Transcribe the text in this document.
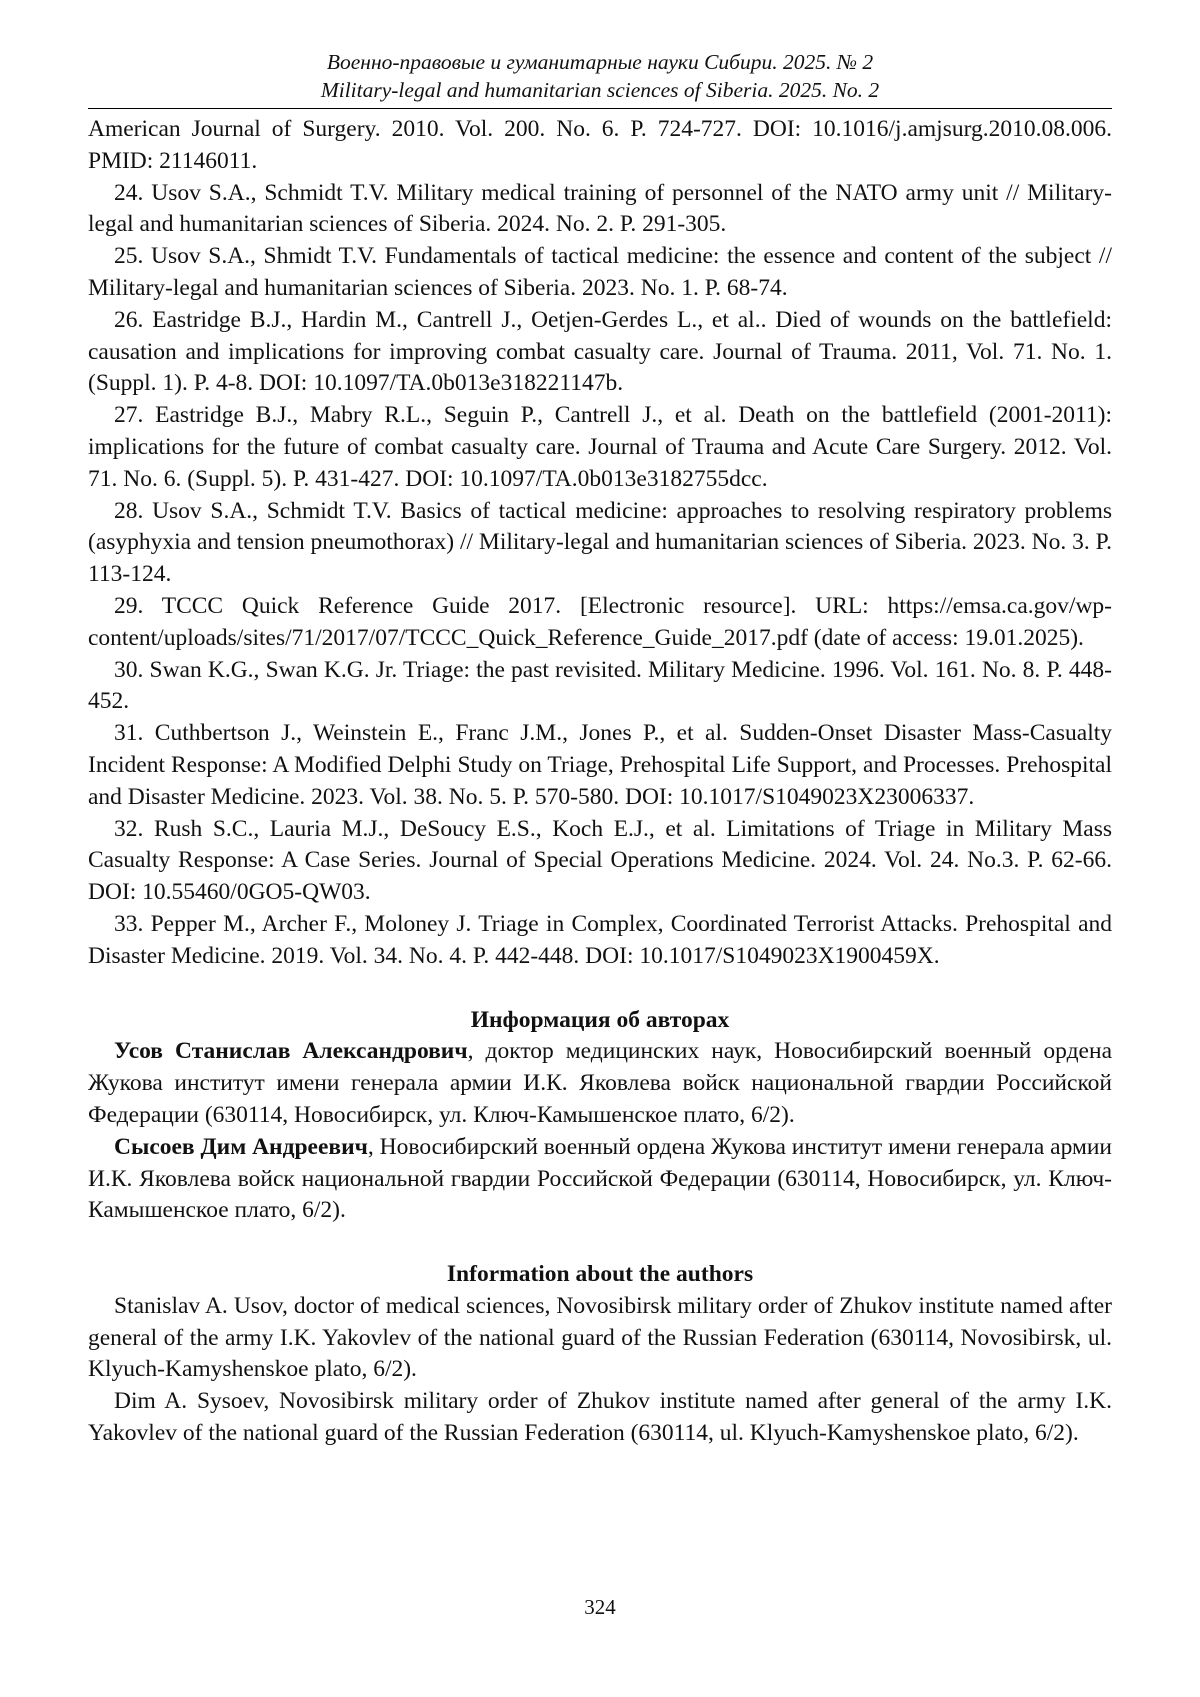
Военно-правовые и гуманитарные науки Сибири. 2025. № 2
Military-legal and humanitarian sciences of Siberia. 2025. No. 2

American Journal of Surgery. 2010. Vol. 200. No. 6. P. 724-727. DOI: 10.1016/j.amjsurg.2010.08.006. PMID: 21146011.

24. Usov S.A., Schmidt T.V. Military medical training of personnel of the NATO army unit // Military-legal and humanitarian sciences of Siberia. 2024. No. 2. P. 291-305.

25. Usov S.A., Shmidt T.V. Fundamentals of tactical medicine: the essence and content of the subject // Military-legal and humanitarian sciences of Siberia. 2023. No. 1. P. 68-74.

26. Eastridge B.J., Hardin M., Cantrell J., Oetjen-Gerdes L., et al.. Died of wounds on the battlefield: causation and implications for improving combat casualty care. Journal of Trauma. 2011, Vol. 71. No. 1. (Suppl. 1). P. 4-8. DOI: 10.1097/TA.0b013e318221147b.

27. Eastridge B.J., Mabry R.L., Seguin P., Cantrell J., et al. Death on the battlefield (2001-2011): implications for the future of combat casualty care. Journal of Trauma and Acute Care Surgery. 2012. Vol. 71. No. 6. (Suppl. 5). P. 431-427. DOI: 10.1097/TA.0b013e3182755dcc.

28. Usov S.A., Schmidt T.V. Basics of tactical medicine: approaches to resolving respiratory problems (asyphyxia and tension pneumothorax) // Military-legal and humanitarian sciences of Siberia. 2023. No. 3. P. 113-124.

29. TCCC Quick Reference Guide 2017. [Electronic resource]. URL: https://emsa.ca.gov/wp-content/uploads/sites/71/2017/07/TCCC_Quick_Reference_Guide_2017.pdf (date of access: 19.01.2025).

30. Swan K.G., Swan K.G. Jr. Triage: the past revisited. Military Medicine. 1996. Vol. 161. No. 8. P. 448-452.

31. Cuthbertson J., Weinstein E., Franc J.M., Jones P., et al. Sudden-Onset Disaster Mass-Casualty Incident Response: A Modified Delphi Study on Triage, Prehospital Life Support, and Processes. Prehospital and Disaster Medicine. 2023. Vol. 38. No. 5. P. 570-580. DOI: 10.1017/S1049023X23006337.

32. Rush S.C., Lauria M.J., DeSoucy E.S., Koch E.J., et al. Limitations of Triage in Military Mass Casualty Response: A Case Series. Journal of Special Operations Medicine. 2024. Vol. 24. No.3. P. 62-66. DOI: 10.55460/0GO5-QW03.

33. Pepper M., Archer F., Moloney J. Triage in Complex, Coordinated Terrorist Attacks. Prehospital and Disaster Medicine. 2019. Vol. 34. No. 4. P. 442-448. DOI: 10.1017/S1049023X1900459X.

Информация об авторах

Усов Станислав Александрович, доктор медицинских наук, Новосибирский военный ордена Жукова институт имени генерала армии И.К. Яковлева войск национальной гвардии Российской Федерации (630114, Новосибирск, ул. Ключ-Камышенское плато, 6/2).

Сысоев Дим Андреевич, Новосибирский военный ордена Жукова институт имени генерала армии И.К. Яковлева войск национальной гвардии Российской Федерации (630114, Новосибирск, ул. Ключ-Камышенское плато, 6/2).

Information about the authors

Stanislav A. Usov, doctor of medical sciences, Novosibirsk military order of Zhukov institute named after general of the army I.K. Yakovlev of the national guard of the Russian Federation (630114, Novosibirsk, ul. Klyuch-Kamyshenskoe plato, 6/2).

Dim A. Sysoev, Novosibirsk military order of Zhukov institute named after general of the army I.K. Yakovlev of the national guard of the Russian Federation (630114, ul. Klyuch-Kamyshenskoe plato, 6/2).

324
